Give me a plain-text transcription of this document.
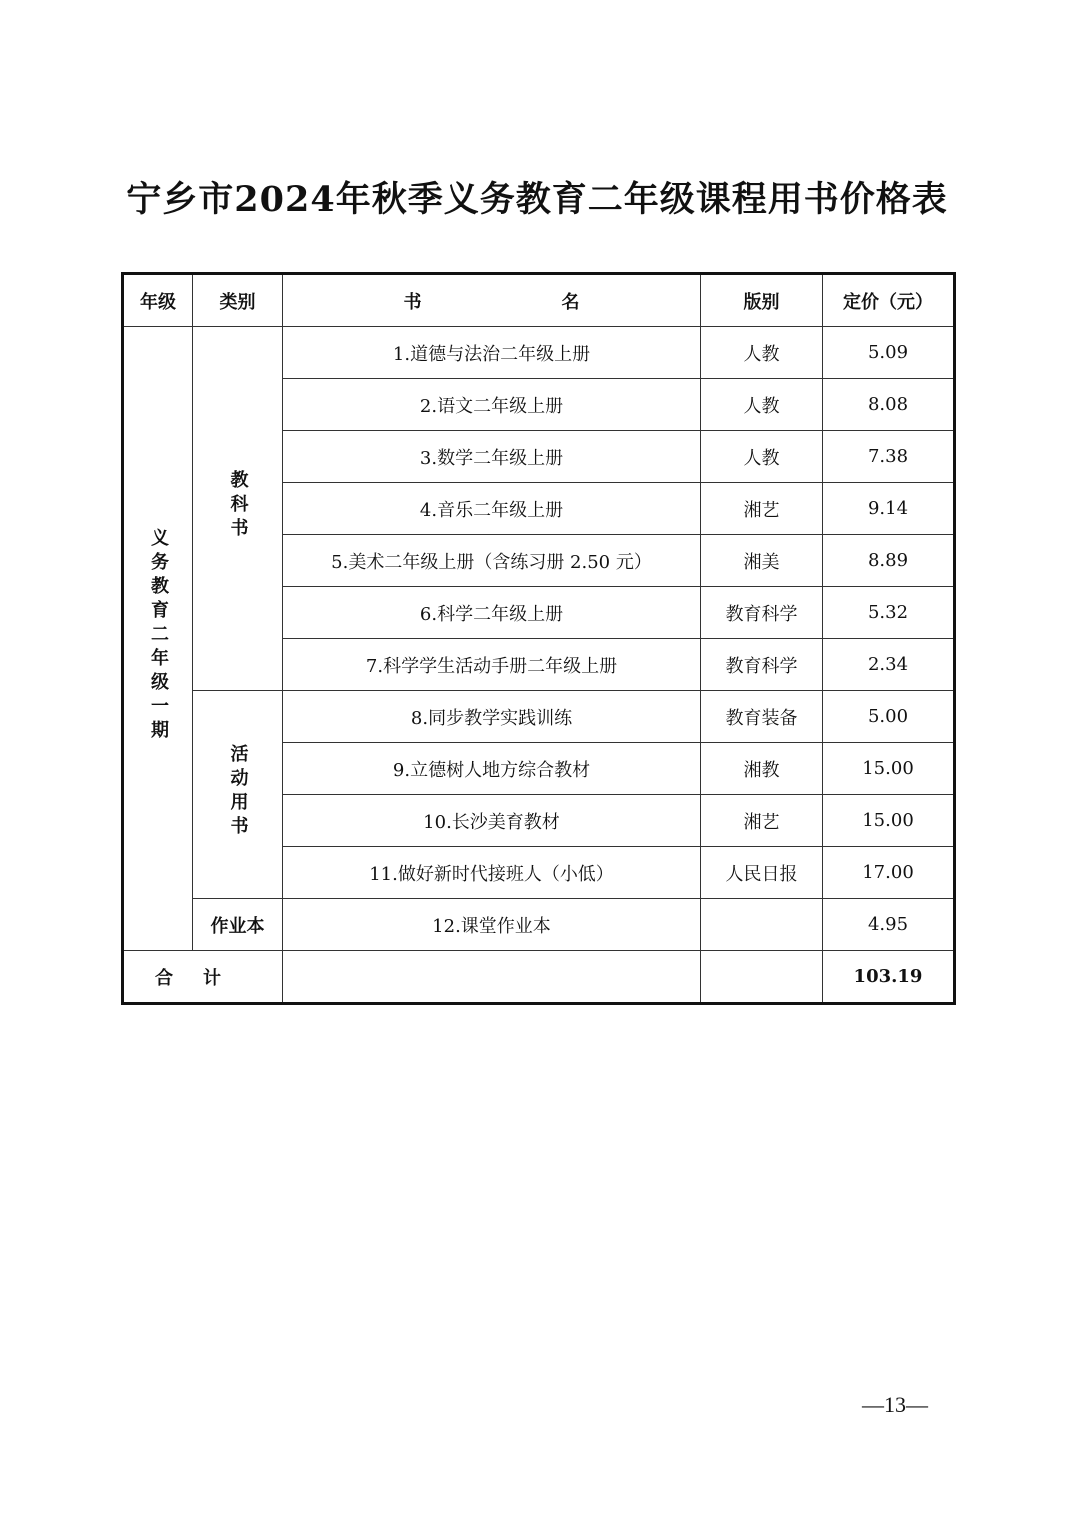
宁乡市2024年秋季义务教育二年级课程用书价格表
年级	类别	书 名	版别	定价（元）
义务教育二年级一期	教科书	1.道德与法治二年级上册	人教	5.09
		2.语文二年级上册	人教	8.08
		3.数学二年级上册	人教	7.38
		4.音乐二年级上册	湘艺	9.14
		5.美术二年级上册（含练习册 2.50 元）	湘美	8.89
		6.科学二年级上册	教育科学	5.32
		7.科学学生活动手册二年级上册	教育科学	2.34
	活动用书	8.同步教学实践训练	教育装备	5.00
		9.立德树人地方综合教材	湘教	15.00
		10.长沙美育教材	湘艺	15.00
		11.做好新时代接班人（小低）	人民日报	17.00
	作业本	12.课堂作业本		4.95
合计				103.19
—13—
